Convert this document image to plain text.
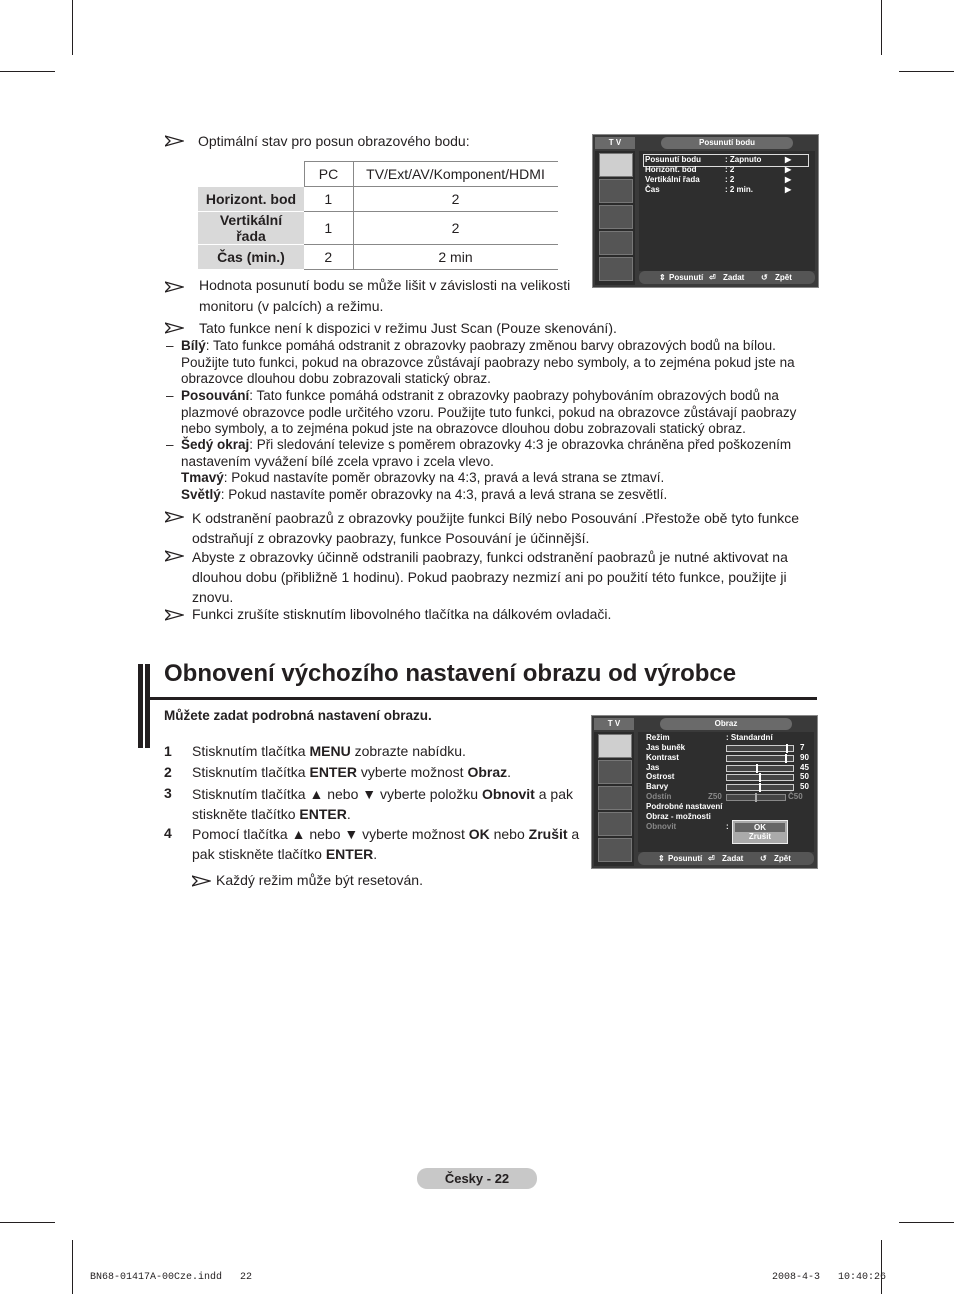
Optimální stav pro posun obrazového bodu:
	PC	TV/Ext/AV/Komponent/HDMI
Horizont. bod	1	2
Vertikální řada	1	2
Čas (min.)	2	2 min
Hodnota posunutí bodu se může lišit v závislosti na velikosti
monitoru (v palcích) a režimu.
Tato funkce není k dispozici v režimu Just Scan (Pouze skenování).
– Bílý: Tato funkce pomáhá odstranit z obrazovky paobrazy změnou barvy obrazových bodů na bílou.
Použijte tuto funkci, pokud na obrazovce zůstávají paobrazy nebo symboly, a to zejména pokud jste na
obrazovce dlouhou dobu zobrazovali statický obraz.
– Posouvání: Tato funkce pomáhá odstranit z obrazovky paobrazy pohybováním obrazových bodů na
plazmové obrazovce podle určitého vzoru. Použijte tuto funkci, pokud na obrazovce zůstávají paobrazy
nebo symboly, a to zejména pokud jste na obrazovce dlouhou dobu zobrazovali statický obraz.
– Šedý okraj: Při sledování televize s poměrem obrazovky 4:3 je obrazovka chráněna před poškozením
nastavením vyvážení bílé zcela vpravo i zcela vlevo.
Tmavý: Pokud nastavíte poměr obrazovky na 4:3, pravá a levá strana se ztmaví.
Světlý: Pokud nastavíte poměr obrazovky na 4:3, pravá a levá strana se zesvětlí.
K odstranění paobrazů z obrazovky použijte funkci Bílý nebo Posouvání .Přestože obě tyto funkce
odstraňují z obrazovky paobrazy, funkce Posouvání je účinnější.
Abyste z obrazovky účinně odstranili paobrazy, funkci odstranění paobrazů je nutné aktivovat na
dlouhou dobu (přibližně 1 hodinu). Pokud paobrazy nezmizí ani po použití této funkce, použijte ji
znovu.
Funkci zrušíte stisknutím libovolného tlačítka na dálkovém ovladači.
T V	Posunutí bodu
Posunutí bodu	: Zapnuto	▶
Horizont. bod	: 2	▶
Vertikální řada	: 2	▶
Čas	: 2 min.	▶
⇕ Posunutí ⏎ Zadat ↺ Zpět
Obnovení výchozího nastavení obrazu od výrobce
Můžete zadat podrobná nastavení obrazu.
1 Stisknutím tlačítka MENU zobrazte nabídku.
2 Stisknutím tlačítka ENTER vyberte možnost Obraz.
3 Stisknutím tlačítka ▲ nebo ▼ vyberte položku Obnovit a pak
stiskněte tlačítko ENTER.
4 Pomocí tlačítka ▲ nebo ▼ vyberte možnost OK nebo Zrušit a
pak stiskněte tlačítko ENTER.
Každý režim může být resetován.
T V	Obraz
Režim	: Standardní
Jas buněk	7
Kontrast	90
Jas	45
Ostrost	50
Barvy	50
Odstín	Z50	Č50
Podrobné nastavení
Obraz - možnosti
Obnovit	:	OK
Zrušit
⇕ Posunutí ⏎ Zadat ↺ Zpět
Česky - 22
BN68-01417A-00Cze.indd   22	2008-4-3   10:40:26
